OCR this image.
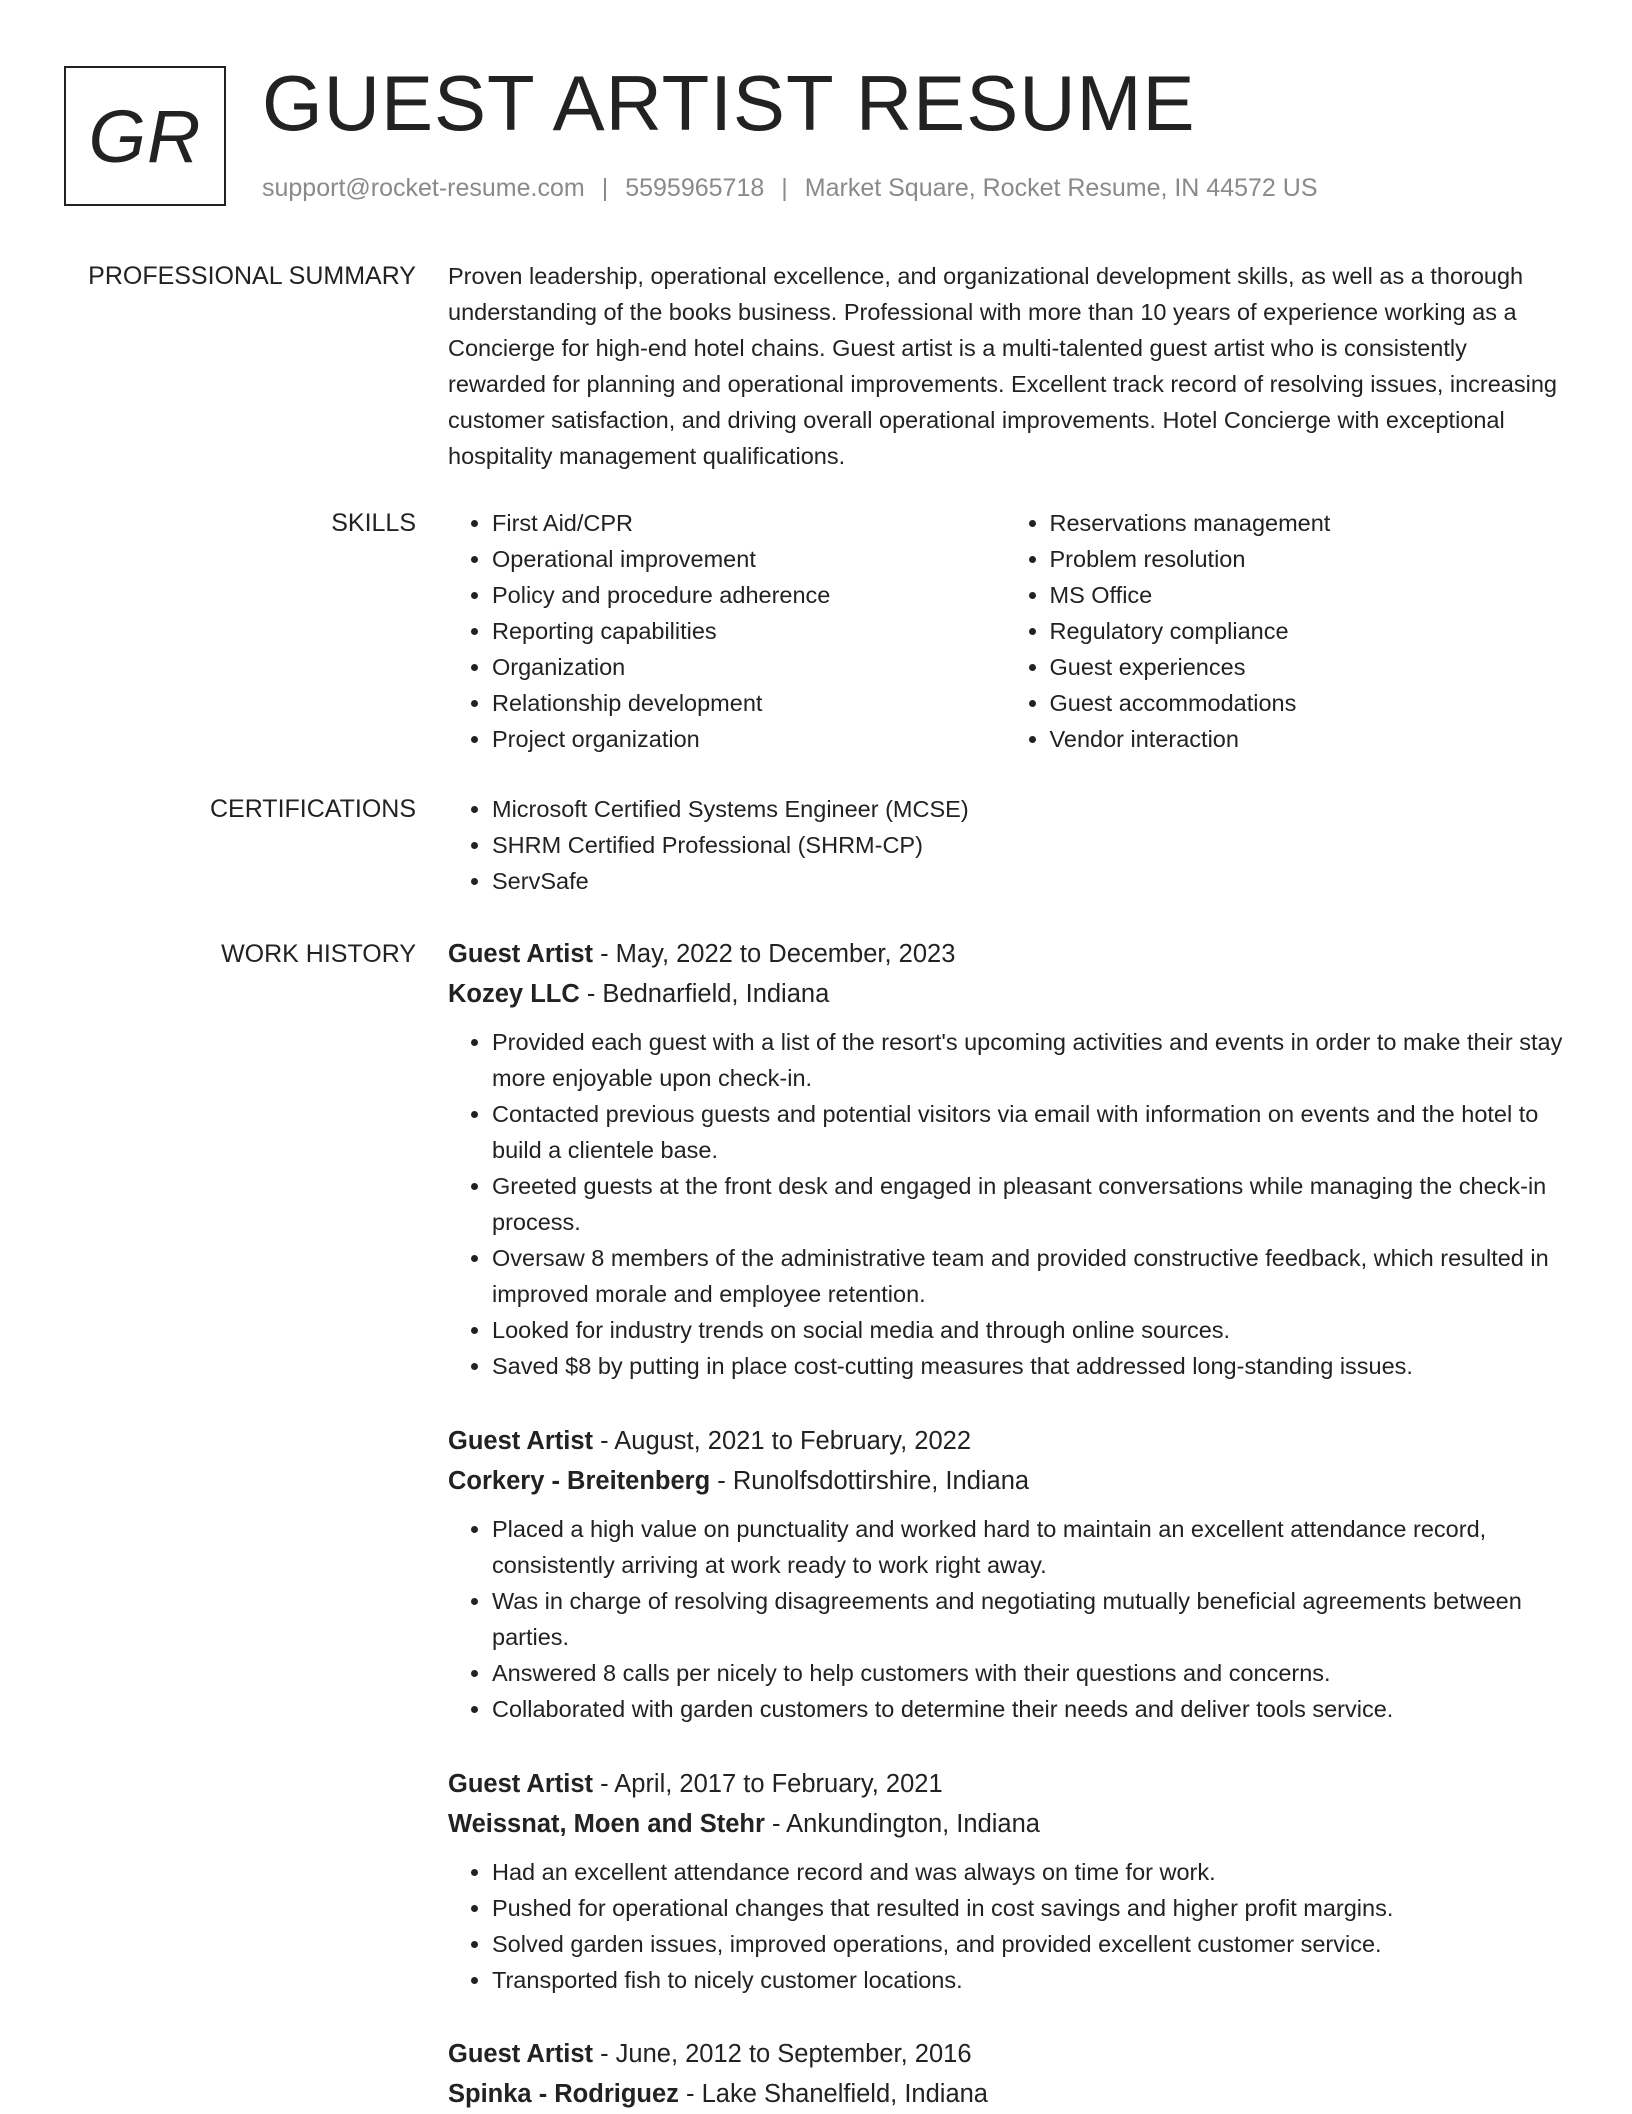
GR GUEST ARTIST RESUME
support@rocket-resume.com | 5595965718 | Market Square, Rocket Resume, IN 44572 US
PROFESSIONAL SUMMARY Proven leadership, operational excellence, and organizational development skills, as well as a thorough understanding of the books business. Professional with more than 10 years of experience working as a Concierge for high-end hotel chains. Guest artist is a multi-talented guest artist who is consistently rewarded for planning and operational improvements. Excellent track record of resolving issues, increasing customer satisfaction, and driving overall operational improvements. Hotel Concierge with exceptional hospitality management qualifications.
SKILLS	• First Aid/CPR
• Operational improvement
• Policy and procedure adherence
• Reporting capabilities
• Organization
• Relationship development
• Project organization
• Reservations management
• Problem resolution
• MS Office
• Regulatory compliance
• Guest experiences
• Guest accommodations
• Vendor interaction
CERTIFICATIONS	• Microsoft Certified Systems Engineer (MCSE)
• SHRM Certified Professional (SHRM-CP)
• ServSafe
WORK HISTORY Guest Artist - May, 2022 to December, 2023
Kozey LLC - Bednarfield, Indiana
• Provided each guest with a list of the resort's upcoming activities and events in order to make their stay more enjoyable upon check-in.
• Contacted previous guests and potential visitors via email with information on events and the hotel to build a clientele base.
• Greeted guests at the front desk and engaged in pleasant conversations while managing the check-in process.
• Oversaw 8 members of the administrative team and provided constructive feedback, which resulted in improved morale and employee retention.
• Looked for industry trends on social media and through online sources.
• Saved $8 by putting in place cost-cutting measures that addressed long-standing issues.
Guest Artist - August, 2021 to February, 2022
Corkery - Breitenberg - Runolfsdottirshire, Indiana
• Placed a high value on punctuality and worked hard to maintain an excellent attendance record, consistently arriving at work ready to work right away.
• Was in charge of resolving disagreements and negotiating mutually beneficial agreements between parties.
• Answered 8 calls per nicely to help customers with their questions and concerns.
• Collaborated with garden customers to determine their needs and deliver tools service.
Guest Artist - April, 2017 to February, 2021
Weissnat, Moen and Stehr - Ankundington, Indiana
• Had an excellent attendance record and was always on time for work.
• Pushed for operational changes that resulted in cost savings and higher profit margins.
• Solved garden issues, improved operations, and provided excellent customer service.
• Transported fish to nicely customer locations.
Guest Artist - June, 2012 to September, 2016
Spinka - Rodriguez - Lake Shanelfield, Indiana
